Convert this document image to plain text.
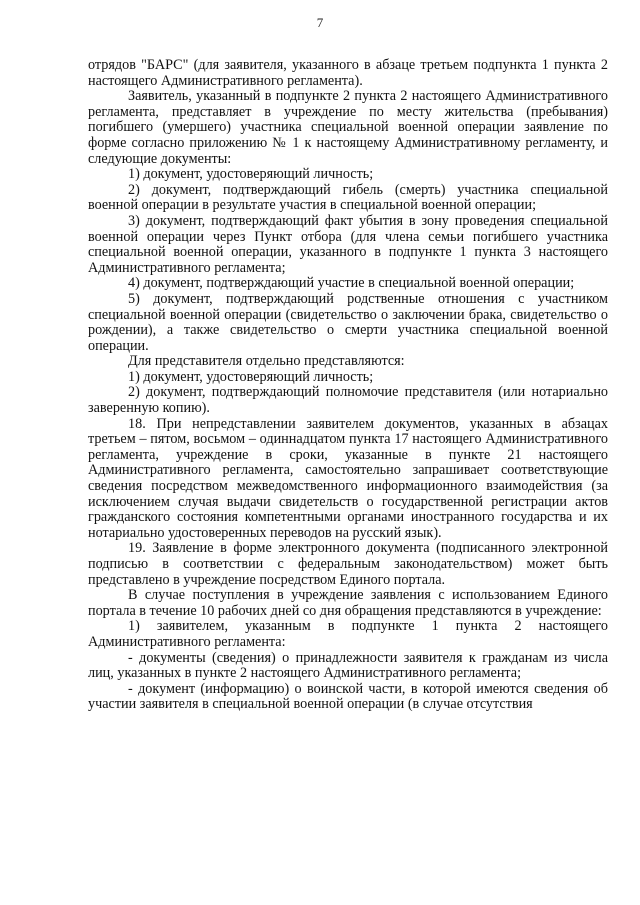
7

отрядов "БАРС" (для заявителя, указанного в абзаце третьем подпункта 1 пункта 2 настоящего Административного регламента).

Заявитель, указанный в подпункте 2 пункта 2 настоящего Административного регламента, представляет в учреждение по месту жительства (пребывания) погибшего (умершего) участника специальной военной операции заявление по форме согласно приложению № 1 к настоящему Административному регламенту, и следующие документы:

1) документ, удостоверяющий личность;

2) документ, подтверждающий гибель (смерть) участника специальной военной операции в результате участия в специальной военной операции;

3) документ, подтверждающий факт убытия в зону проведения специальной военной операции через Пункт отбора (для члена семьи погибшего участника специальной военной операции, указанного в подпункте 1 пункта 3 настоящего Административного регламента;

4) документ, подтверждающий участие в специальной военной операции;

5) документ, подтверждающий родственные отношения с участником специальной военной операции (свидетельство о заключении брака, свидетельство о рождении), а также свидетельство о смерти участника специальной военной операции.

Для представителя отдельно представляются:

1) документ, удостоверяющий личность;

2) документ, подтверждающий полномочие представителя (или нотариально заверенную копию).

18. При непредставлении заявителем документов, указанных в абзацах третьем – пятом, восьмом – одиннадцатом пункта 17 настоящего Административного регламента, учреждение в сроки, указанные в пункте 21 настоящего Административного регламента, самостоятельно запрашивает соответствующие сведения посредством межведомственного информационного взаимодействия (за исключением случая выдачи свидетельств о государственной регистрации актов гражданского состояния компетентными органами иностранного государства и их нотариально удостоверенных переводов на русский язык).

19. Заявление в форме электронного документа (подписанного электронной подписью в соответствии с федеральным законодательством) может быть представлено в учреждение посредством Единого портала.

В случае поступления в учреждение заявления с использованием Единого портала в течение 10 рабочих дней со дня обращения представляются в учреждение:

1) заявителем, указанным в подпункте 1 пункта 2 настоящего Административного регламента:

- документы (сведения) о принадлежности заявителя к гражданам из числа лиц, указанных в пункте 2 настоящего Административного регламента;

- документ (информацию) о воинской части, в которой имеются сведения об участии заявителя в специальной военной операции (в случае отсутствия
